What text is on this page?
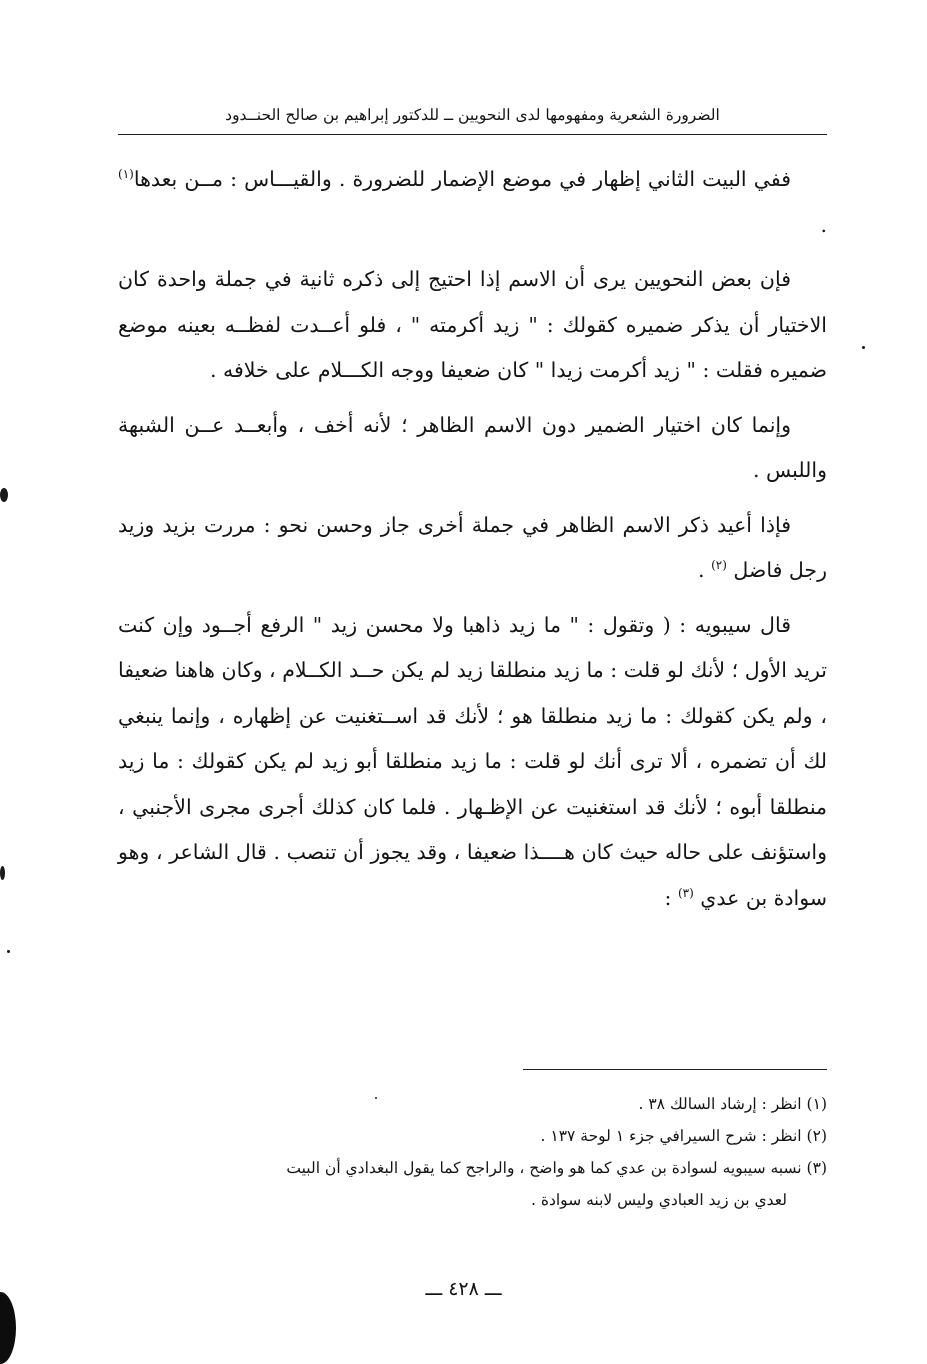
الضرورة الشعرية ومفهومها لدى النحويين ــ للدكتور إبراهيم بن صالح الحنــدود

ففي البيت الثاني إظهار في موضع الإضمار للضرورة . والقيـــاس : مــن بعدها$^{(١)}$ .

فإن بعض النحويين يرى أن الاسم إذا احتيج إلى ذكره ثانية في جملة واحدة كان الاختيار أن يذكر ضميره كقولك : " زيد أكرمته " ، فلو أعــدت لفظــه بعينه موضع ضميره فقلت : " زيد أكرمت زيدا " كان ضعيفا ووجه الكـــلام على خلافه .

وإنما كان اختيار الضمير دون الاسم الظاهر ؛ لأنه أخف ، وأبعــد عــن الشبهة واللبس .

فإذا أعيد ذكر الاسم الظاهر في جملة أخرى جاز وحسن نحو : مررت بزيد وزيد رجل فاضل $^{(٢)}$ .

قال سيبويه : ( وتقول : " ما زيد ذاهبا ولا محسن زيد " الرفع أجــود وإن كنت تريد الأول ؛ لأنك لو قلت : ما زيد منطلقا زيد لم يكن حــد الكــلام ، وكان هاهنا ضعيفا ، ولم يكن كقولك : ما زيد منطلقا هو ؛ لأنك قد اســتغنيت عن إظهاره ، وإنما ينبغي لك أن تضمره ، ألا ترى أنك لو قلت : ما زيد منطلقا أبو زيد لم يكن كقولك : ما زيد منطلقا أبوه ؛ لأنك قد استغنيت عن الإظـهار . فلما كان كذلك أجرى مجرى الأجنبي ، واستؤنف على حاله حيث كان هــــذا ضعيفا ، وقد يجوز أن تنصب . قال الشاعر ، وهو سوادة بن عدي $^{(٣)}$ :

(١) انظر : إرشاد السالك ٣٨ .

(٢) انظر : شرح السيرافي جزء ١ لوحة ١٣٧ .

(٣) نسبه سيبويه لسوادة بن عدي كما هو واضح ، والراجح كما يقول البغدادي أن البيت
لعدي بن زيد العبادي وليس لابنه سوادة .

ـــ ٤٢٨ ـــ
